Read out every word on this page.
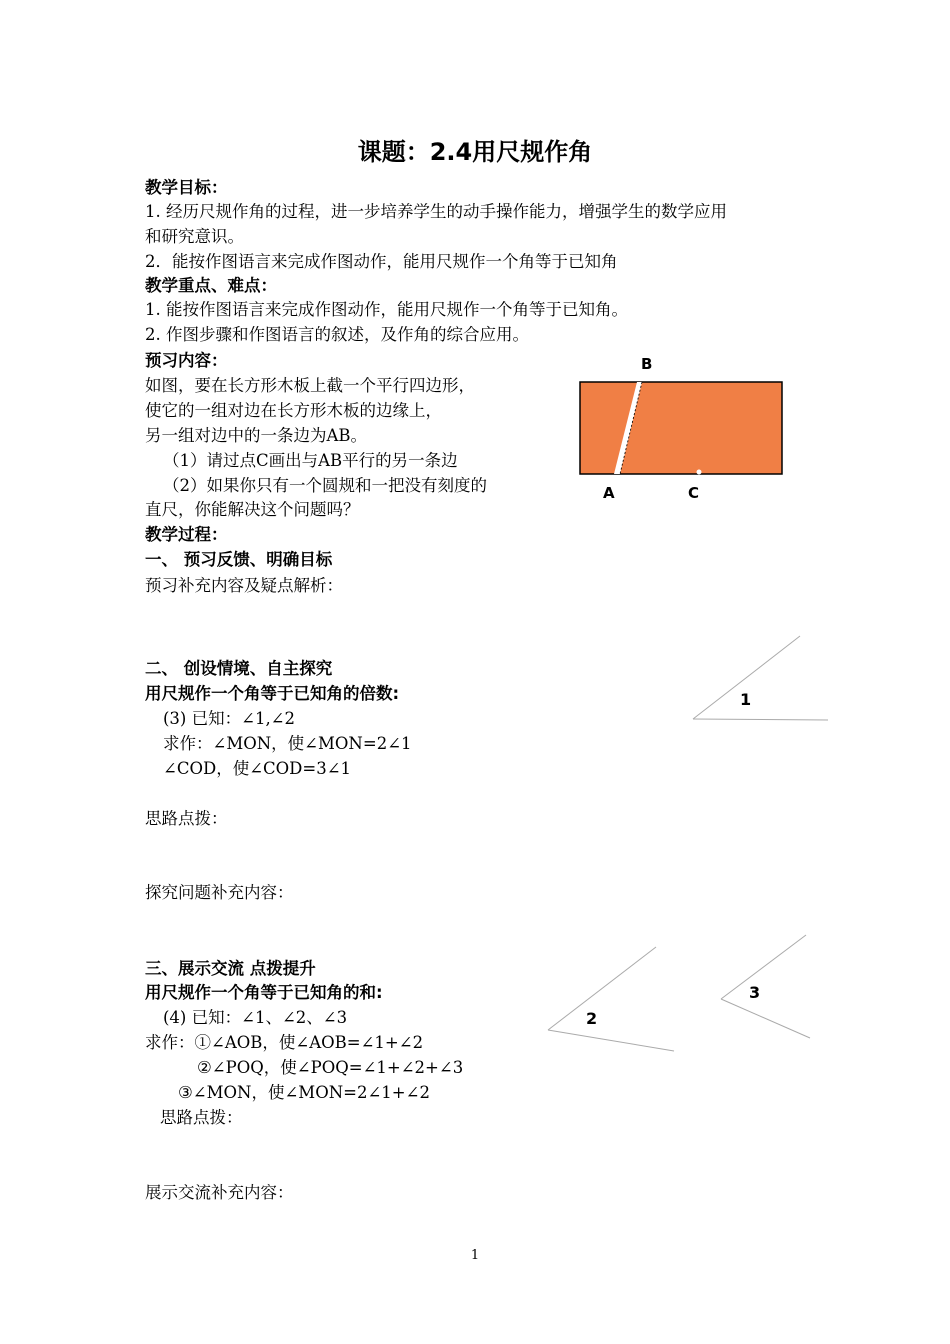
课题：2.4用尺规作角
教学目标：
1. 经历尺规作角的过程，进一步培养学生的动手操作能力，增强学生的数学应用
和研究意识。
2．能按作图语言来完成作图动作，能用尺规作一个角等于已知角
教学重点、难点：
1. 能按作图语言来完成作图动作，能用尺规作一个角等于已知角。
2. 作图步骤和作图语言的叙述，及作角的综合应用。
预习内容：
如图，要在长方形木板上截一个平行四边形，
使它的一组对边在长方形木板的边缘上，
另一组对边中的一条边为AB。
（1）请过点C画出与AB平行的另一条边
（2）如果你只有一个圆规和一把没有刻度的
直尺，你能解决这个问题吗？
教学过程：
一、 预习反馈、明确目标
预习补充内容及疑点解析：
二、 创设情境、自主探究
用尺规作一个角等于已知角的倍数:
(3) 已知：∠1,∠2
求作：∠MON，使∠MON=2∠1
∠COD，使∠COD=3∠1
思路点拨：
探究问题补充内容：
三、展示交流 点拨提升
用尺规作一个角等于已知角的和:
(4) 已知：∠1、∠2、∠3
求作：①∠AOB，使∠AOB=∠1+∠2
②∠POQ，使∠POQ=∠1+∠2+∠3
③∠MON，使∠MON=2∠1+∠2
思路点拨：
展示交流补充内容：
B
A	C
1
2
3
1
